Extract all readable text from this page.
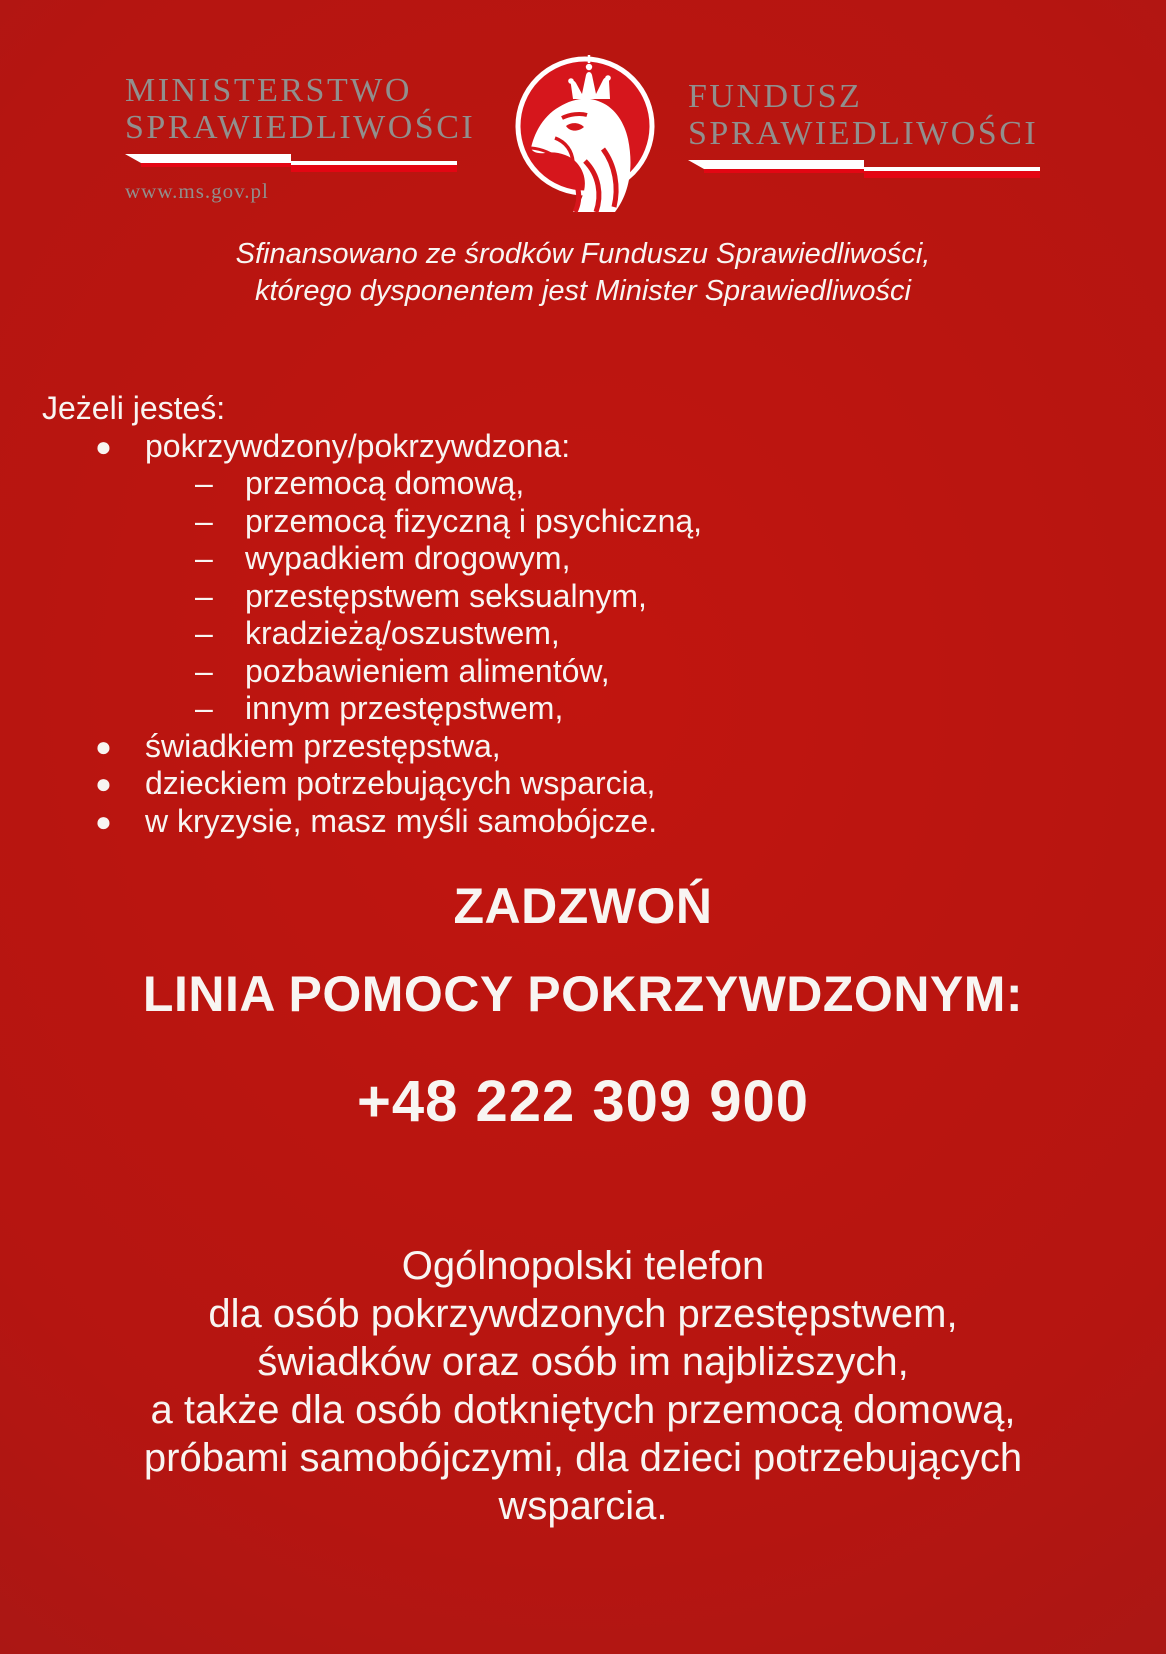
MINISTERSTWO
SPRAWIEDLIWOŚCI
www.ms.gov.pl
FUNDUSZ
SPRAWIEDLIWOŚCI
Sfinansowano ze środków Funduszu Sprawiedliwości,
którego dysponentem jest Minister Sprawiedliwości
Jeżeli jesteś:
●	pokrzywdzony/pokrzywdzona:
–	przemocą domową,
–	przemocą fizyczną i psychiczną,
–	wypadkiem drogowym,
–	przestępstwem seksualnym,
–	kradzieżą/oszustwem,
–	pozbawieniem alimentów,
–	innym przestępstwem,
●	świadkiem przestępstwa,
●	dzieckiem potrzebujących wsparcia,
●	w kryzysie, masz myśli samobójcze.
ZADZWOŃ
LINIA POMOCY POKRZYWDZONYM:
+48 222 309 900
Ogólnopolski telefon
dla osób pokrzywdzonych przestępstwem,
świadków oraz osób im najbliższych,
a także dla osób dotkniętych przemocą domową,
próbami samobójczymi, dla dzieci potrzebujących
wsparcia.
